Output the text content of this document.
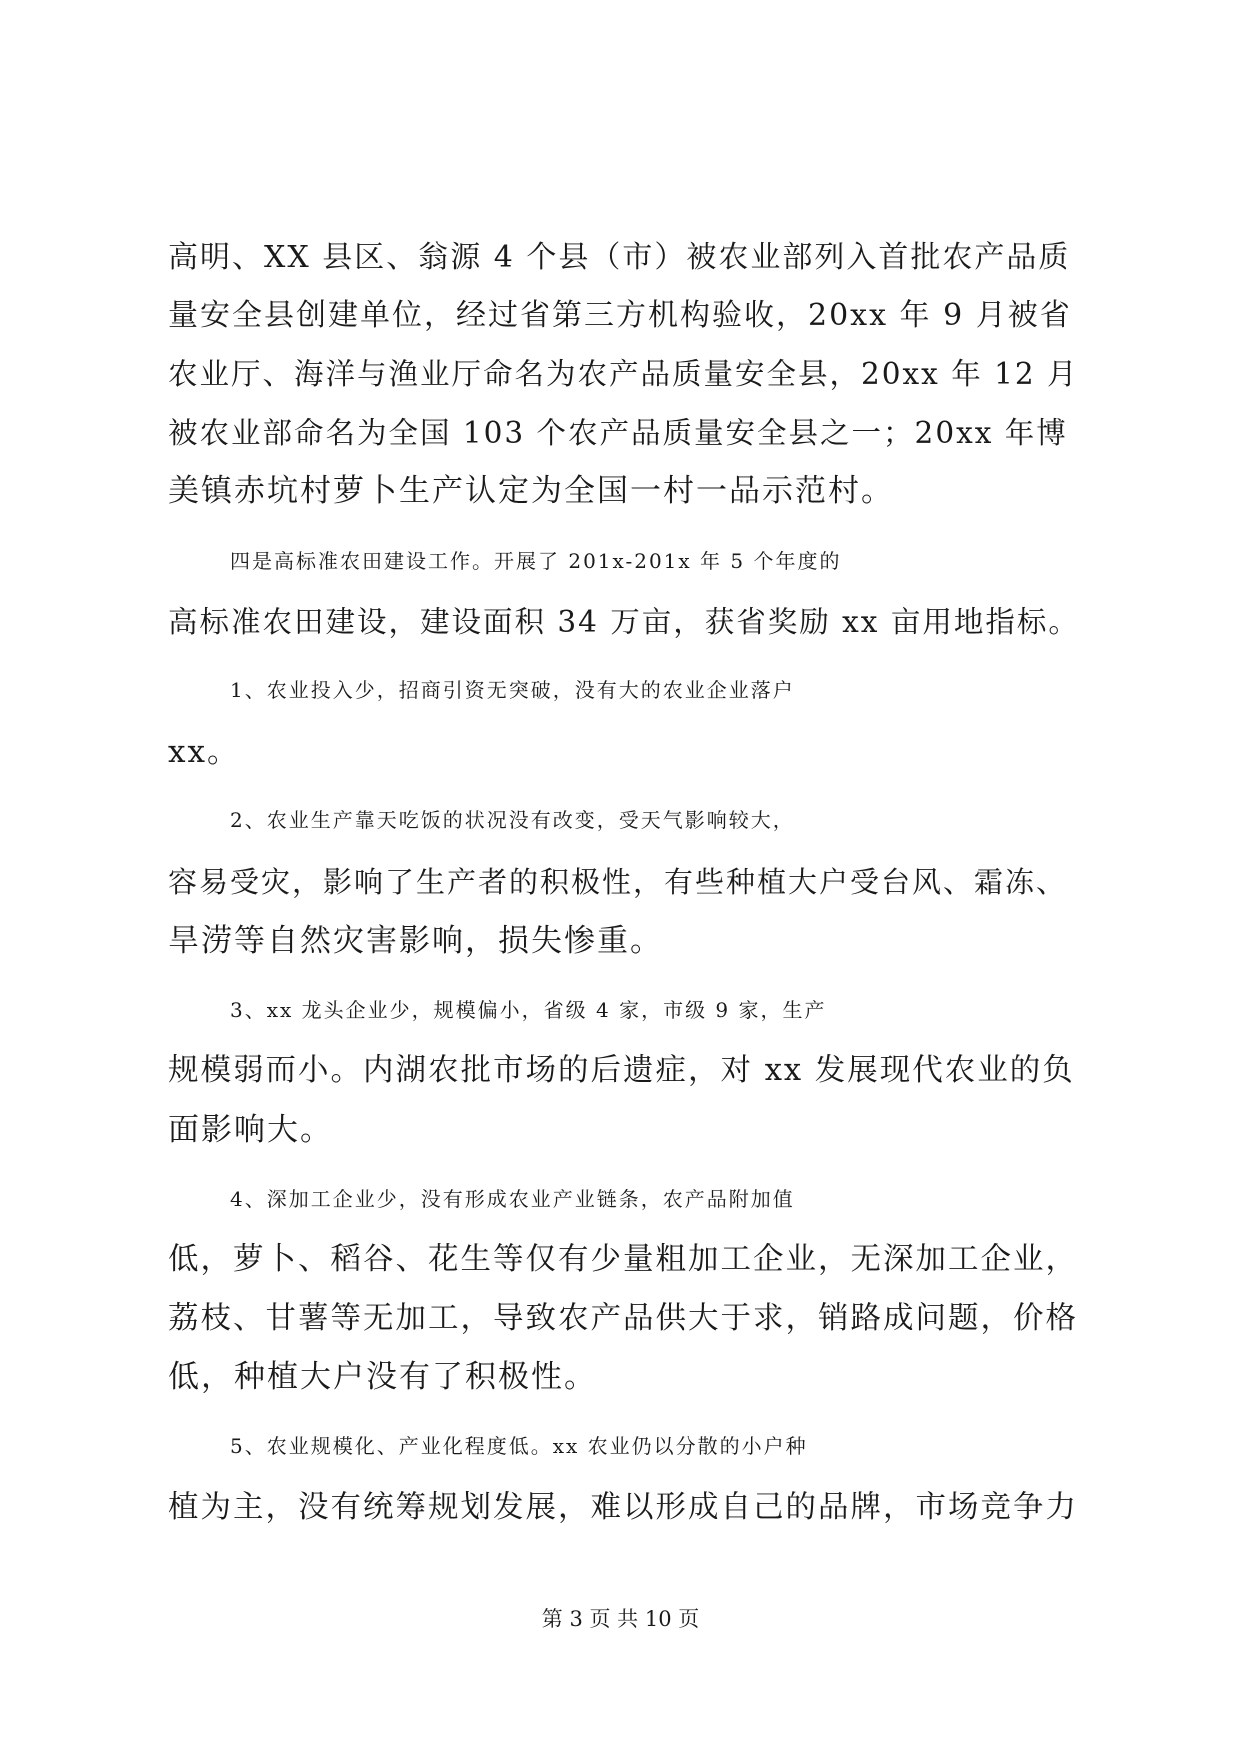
高明、XX 县区、翁源 4 个县（市）被农业部列入首批农产品质
量安全县创建单位，经过省第三方机构验收，20xx 年 9 月被省
农业厅、海洋与渔业厅命名为农产品质量安全县，20xx 年 12 月
被农业部命名为全国 103 个农产品质量安全县之一；20xx 年博
美镇赤坑村萝卜生产认定为全国一村一品示范村。
四是高标准农田建设工作。开展了 201x-201x 年 5 个年度的
高标准农田建设，建设面积 34 万亩，获省奖励 xx 亩用地指标。
1、农业投入少，招商引资无突破，没有大的农业企业落户
xx。
2、农业生产靠天吃饭的状况没有改变，受天气影响较大，
容易受灾，影响了生产者的积极性，有些种植大户受台风、霜冻、
旱涝等自然灾害影响，损失惨重。
3、xx 龙头企业少，规模偏小，省级 4 家，市级 9 家，生产
规模弱而小。内湖农批市场的后遗症，对 xx 发展现代农业的负
面影响大。
4、深加工企业少，没有形成农业产业链条，农产品附加值
低，萝卜、稻谷、花生等仅有少量粗加工企业，无深加工企业，
荔枝、甘薯等无加工，导致农产品供大于求，销路成问题，价格
低，种植大户没有了积极性。
5、农业规模化、产业化程度低。xx 农业仍以分散的小户种
植为主，没有统筹规划发展，难以形成自己的品牌，市场竞争力
第 3 页 共 10 页
